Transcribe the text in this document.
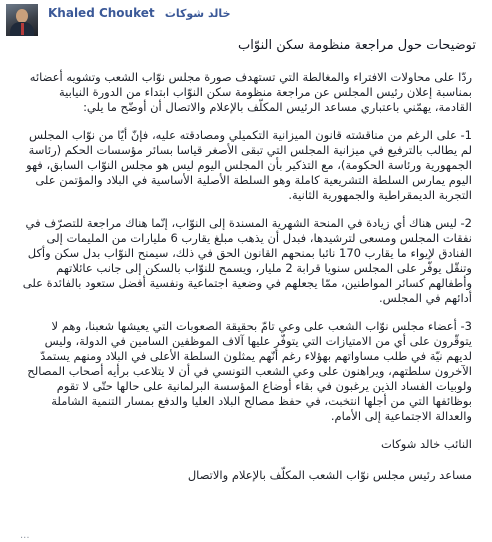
Khaled Chouket خالد شوكات
توضيحات حول مراجعة منظومة سكن النوّاب

ردّا على محاولات الافتراء والمغالطة التي تستهدف صورة مجلس نوّاب الشعب وتشويه أعضائه بمناسبة إعلان رئيس المجلس عن مراجعة منظومة سكن النوّاب ابتداء من الدورة النيابية القادمة، يهمّني باعتباري مساعد الرئيس المكلّف بالإعلام والاتصال أن أوضّح ما يلي:

1- على الرغم من مناقشته قانون الميزانية التكميلي ومصادقته عليه، فإنّ أيّا من نوّاب المجلس لم يطالب بالترفيع في ميزانية المجلس التي تبقى الأصغر قياسا بسائر مؤسسات الحكم (رئاسة الجمهورية ورئاسة الحكومة)، مع التذكير بأن المجلس اليوم ليس هو مجلس النوّاب السابق، فهو اليوم يمارس السلطة التشريعية كاملة وهو السلطة الأصلية الأساسية في البلاد والمؤتمن على التجربة الديمقراطية والجمهورية الثانية.

2- ليس هناك أي زيادة في المنحة الشهرية المسندة إلى النوّاب، إنّما هناك مراجعة للتصرّف في نفقات المجلس ومسعى لترشيدها، فبدل أن يذهب مبلغ يقارب 6 مليارات من المليمات إلى الفنادق لإيواء ما يقارب 170 نائبا بمنحهم القانون الحق في ذلك، سيمنح النوّاب بدل سكن وأكل وتنقّل يوفّر على المجلس سنويا قرابة 2 مليار، ويسمح للنوّاب بالسكن إلى جانب عائلاتهم وأطفالهم كسائر المواطنين، ممّا يجعلهم في وضعية اجتماعية ونفسية أفضل ستعود بالفائدة على أدائهم في المجلس.

3- أعضاء مجلس نوّاب الشعب على وعي تامّ بحقيقة الصعوبات التي يعيشها شعبنا، وهم لا يتوقّرون على أي من الامتيازات التي يتوفّر عليها آلاف الموظفين السامين في الدولة، وليس لديهم نيّة في طلب مساواتهم بهؤلاء رغم أنّهم يمثلون السلطة الأعلى في البلاد ومنهم يستمدّ الآخرون سلطتهم، ويراهنون على وعي الشعب التونسي في أن لا يتلاعب برأيه أصحاب المصالح ولوبيات الفساد الذين يرغبون في بقاء أوضاع المؤسسة البرلمانية على حالها حتّى لا تقوم بوظائفها التي من أجلها انتخبت، في حفظ مصالح البلاد العليا والدفع بمسار التنمية الشاملة والعدالة الاجتماعية إلى الأمام.

النائب خالد شوكات

مساعد رئيس مجلس نوّاب الشعب المكلّف بالإعلام والاتصال

...
